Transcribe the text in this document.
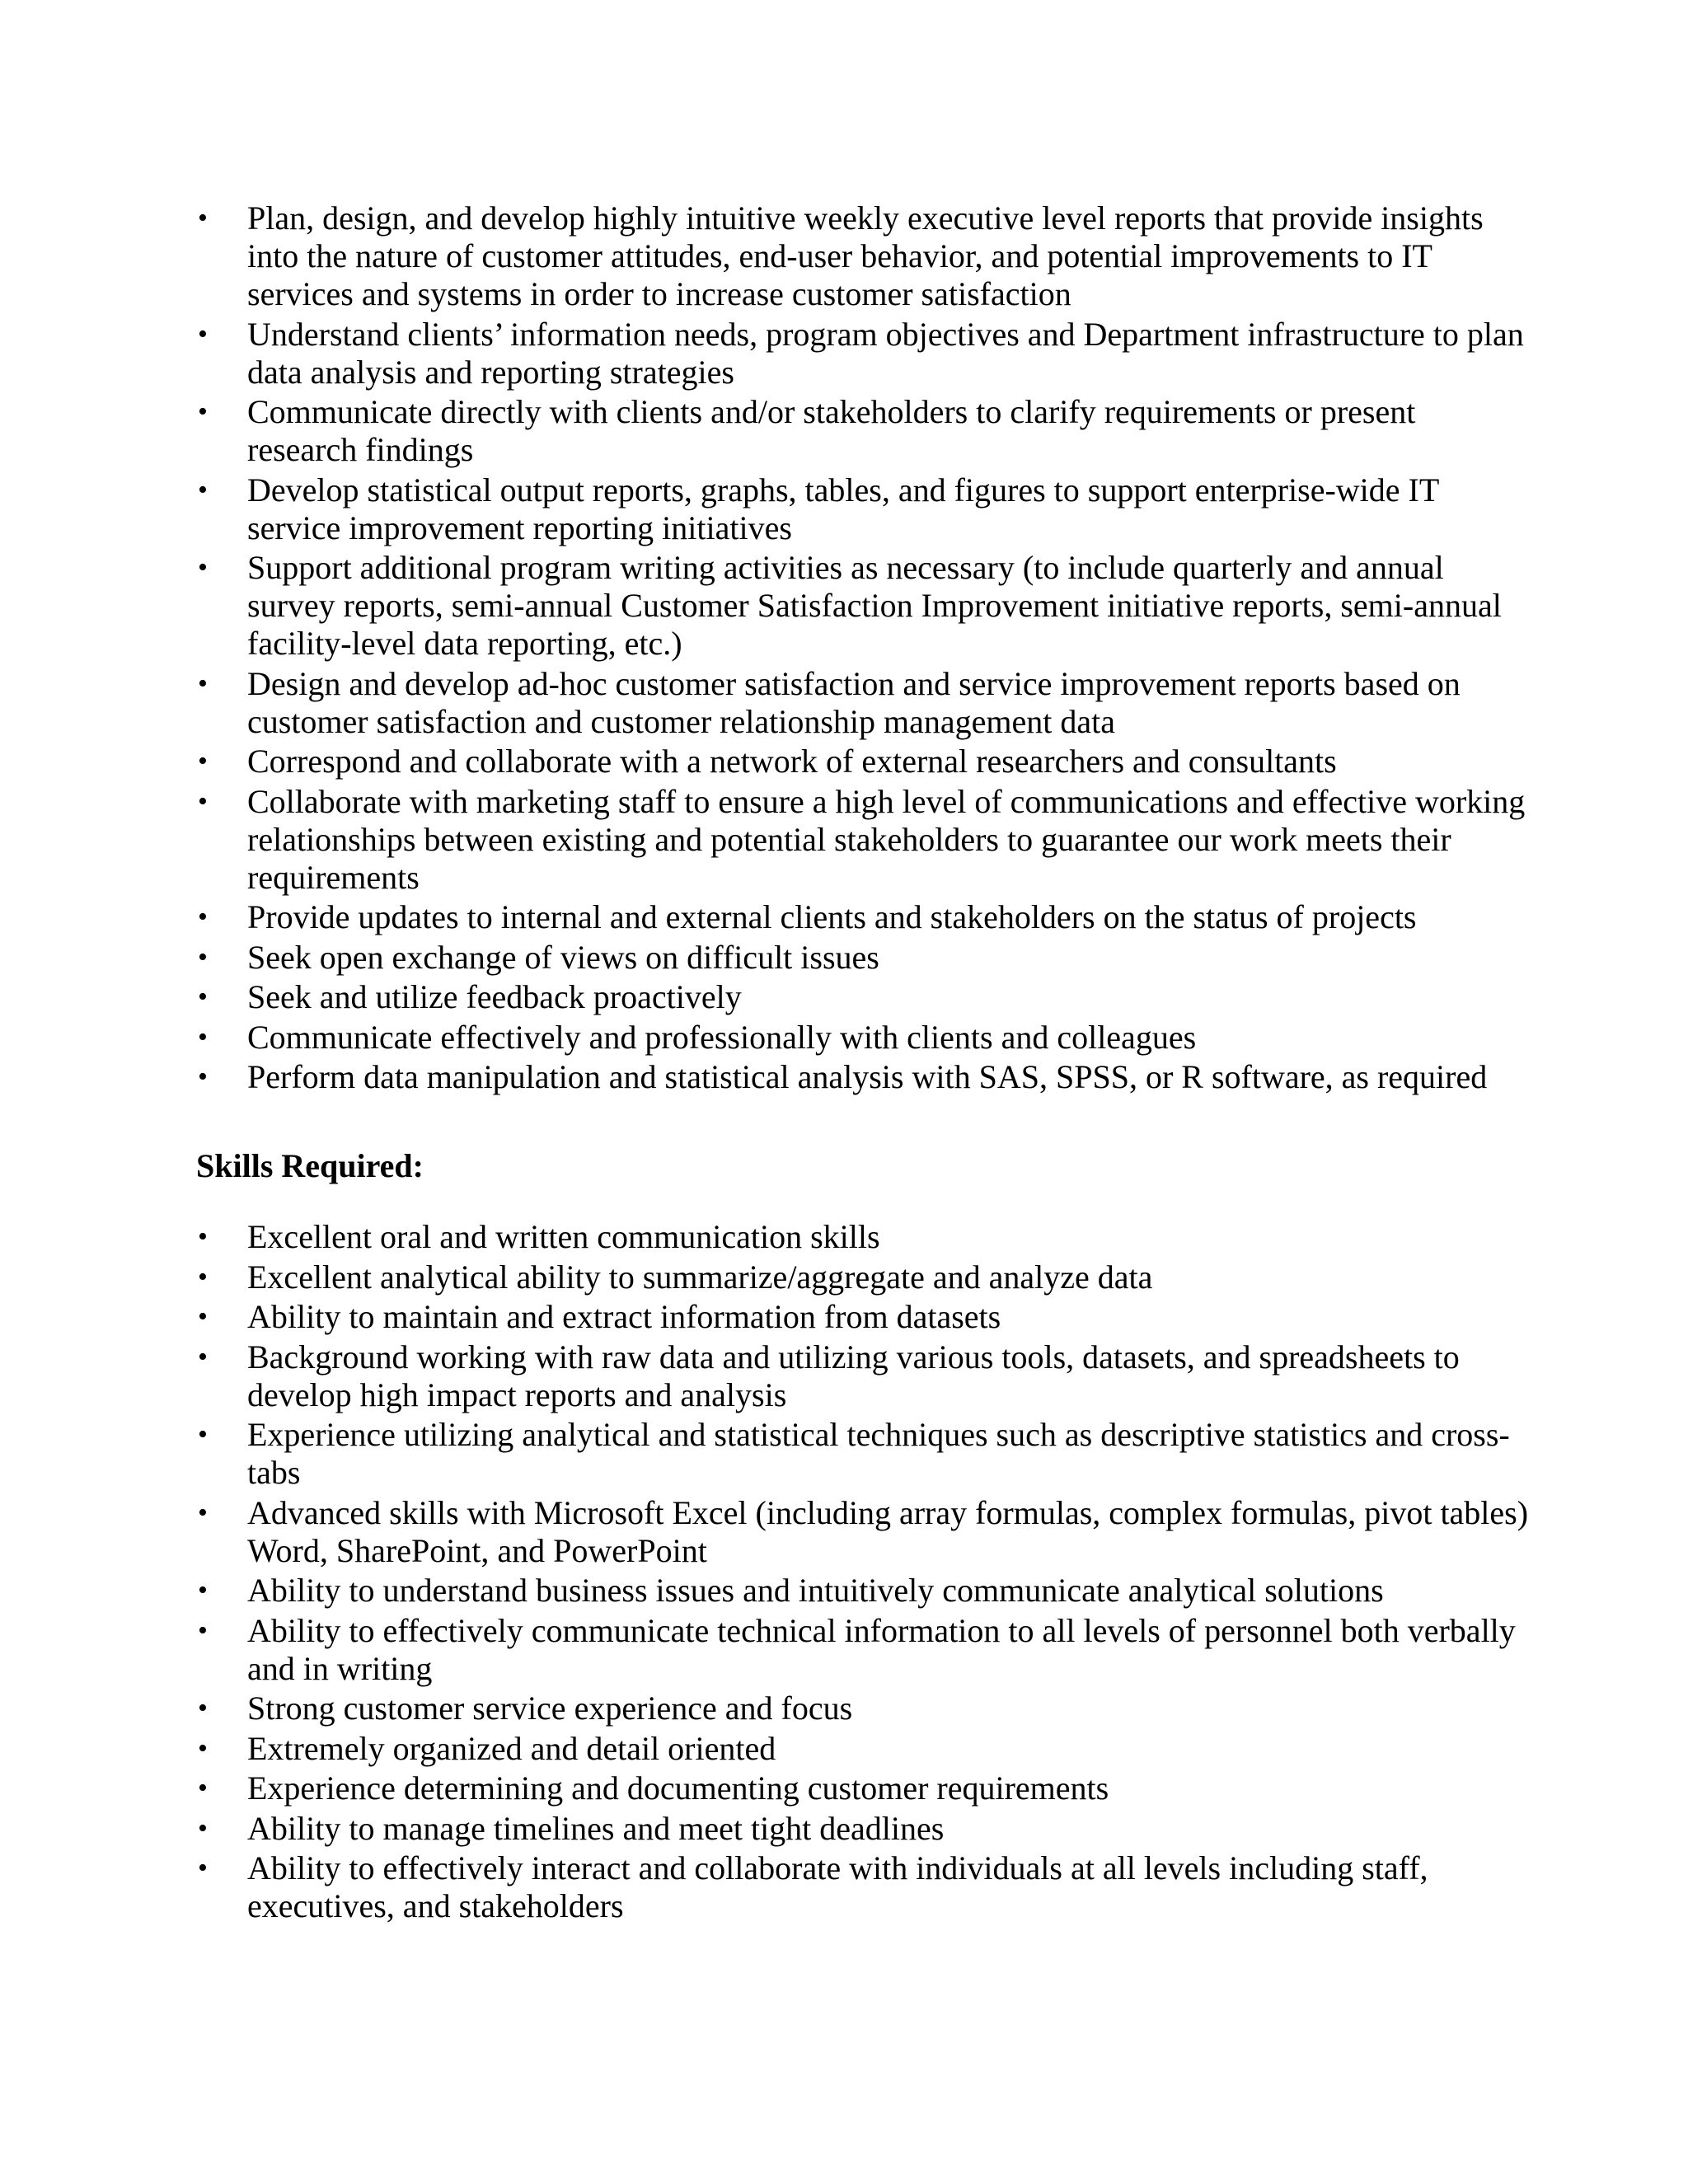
• Plan, design, and develop highly intuitive weekly executive level reports that provide insights into the nature of customer attitudes, end-user behavior, and potential improvements to IT services and systems in order to increase customer satisfaction
• Understand clients’ information needs, program objectives and Department infrastructure to plan data analysis and reporting strategies
• Communicate directly with clients and/or stakeholders to clarify requirements or present research findings
• Develop statistical output reports, graphs, tables, and figures to support enterprise-wide IT service improvement reporting initiatives
• Support additional program writing activities as necessary (to include quarterly and annual survey reports, semi-annual Customer Satisfaction Improvement initiative reports, semi-annual facility-level data reporting, etc.)
• Design and develop ad-hoc customer satisfaction and service improvement reports based on customer satisfaction and customer relationship management data
• Correspond and collaborate with a network of external researchers and consultants
• Collaborate with marketing staff to ensure a high level of communications and effective working relationships between existing and potential stakeholders to guarantee our work meets their requirements
• Provide updates to internal and external clients and stakeholders on the status of projects
• Seek open exchange of views on difficult issues
• Seek and utilize feedback proactively
• Communicate effectively and professionally with clients and colleagues
• Perform data manipulation and statistical analysis with SAS, SPSS, or R software, as required
Skills Required:
• Excellent oral and written communication skills
• Excellent analytical ability to summarize/aggregate and analyze data
• Ability to maintain and extract information from datasets
• Background working with raw data and utilizing various tools, datasets, and spreadsheets to develop high impact reports and analysis
• Experience utilizing analytical and statistical techniques such as descriptive statistics and cross-tabs
• Advanced skills with Microsoft Excel (including array formulas, complex formulas, pivot tables) Word, SharePoint, and PowerPoint
• Ability to understand business issues and intuitively communicate analytical solutions
• Ability to effectively communicate technical information to all levels of personnel both verbally and in writing
• Strong customer service experience and focus
• Extremely organized and detail oriented
• Experience determining and documenting customer requirements
• Ability to manage timelines and meet tight deadlines
• Ability to effectively interact and collaborate with individuals at all levels including staff, executives, and stakeholders
